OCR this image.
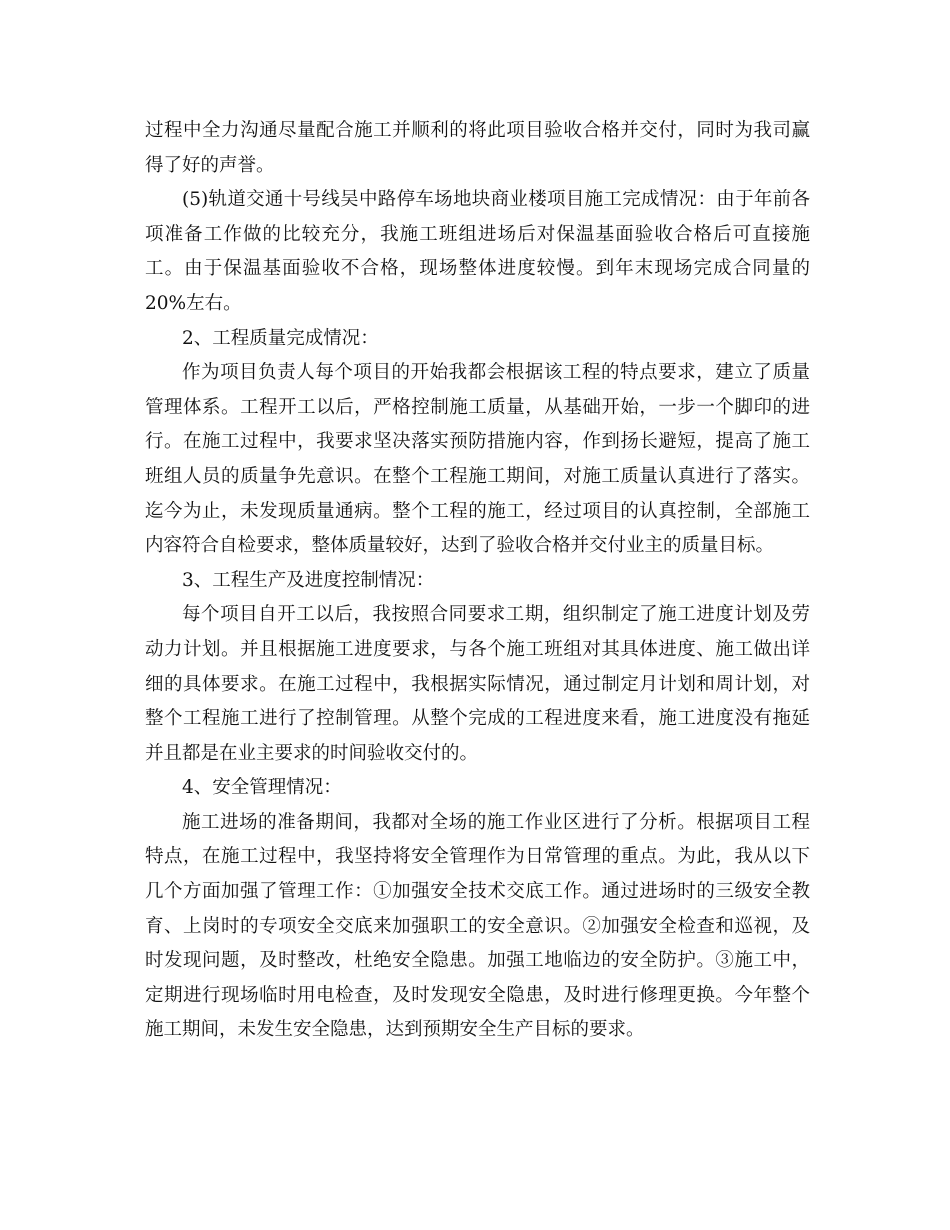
过程中全力沟通尽量配合施工并顺利的将此项目验收合格并交付，同时为我司赢得了好的声誉。

(5)轨道交通十号线吴中路停车场地块商业楼项目施工完成情况：由于年前各项准备工作做的比较充分，我施工班组进场后对保温基面验收合格后可直接施工。由于保温基面验收不合格，现场整体进度较慢。到年末现场完成合同量的20%左右。

2、工程质量完成情况：

作为项目负责人每个项目的开始我都会根据该工程的特点要求，建立了质量管理体系。工程开工以后，严格控制施工质量，从基础开始，一步一个脚印的进行。在施工过程中，我要求坚决落实预防措施内容，作到扬长避短，提高了施工班组人员的质量争先意识。在整个工程施工期间，对施工质量认真进行了落实。迄今为止，未发现质量通病。整个工程的施工，经过项目的认真控制，全部施工内容符合自检要求，整体质量较好，达到了验收合格并交付业主的质量目标。

3、工程生产及进度控制情况：

每个项目自开工以后，我按照合同要求工期，组织制定了施工进度计划及劳动力计划。并且根据施工进度要求，与各个施工班组对其具体进度、施工做出详细的具体要求。在施工过程中，我根据实际情况，通过制定月计划和周计划，对整个工程施工进行了控制管理。从整个完成的工程进度来看，施工进度没有拖延并且都是在业主要求的时间验收交付的。

4、安全管理情况：

施工进场的准备期间，我都对全场的施工作业区进行了分析。根据项目工程特点，在施工过程中，我坚持将安全管理作为日常管理的重点。为此，我从以下几个方面加强了管理工作：①加强安全技术交底工作。通过进场时的三级安全教育、上岗时的专项安全交底来加强职工的安全意识。②加强安全检查和巡视，及时发现问题，及时整改，杜绝安全隐患。加强工地临边的安全防护。③施工中，定期进行现场临时用电检查，及时发现安全隐患，及时进行修理更换。今年整个施工期间，未发生安全隐患，达到预期安全生产目标的要求。
